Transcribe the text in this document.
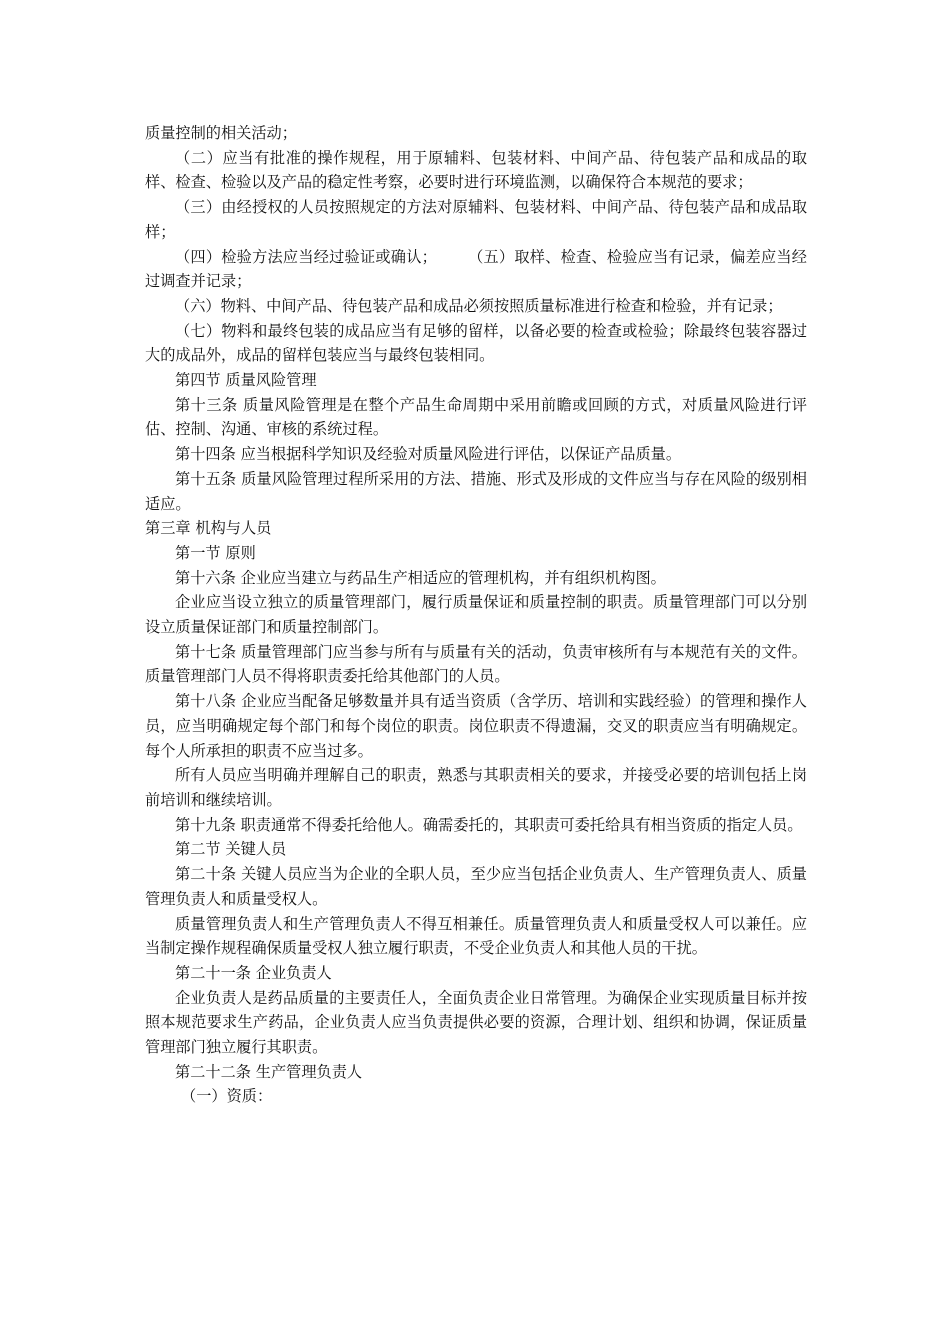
质量控制的相关活动；

（二）应当有批准的操作规程，用于原辅料、包装材料、中间产品、待包装产品和成品的取样、检查、检验以及产品的稳定性考察，必要时进行环境监测，以确保符合本规范的要求；

（三）由经授权的人员按照规定的方法对原辅料、包装材料、中间产品、待包装产品和成品取样；

（四）检验方法应当经过验证或确认；　　　（五）取样、检查、检验应当有记录，偏差应当经过调查并记录；

（六）物料、中间产品、待包装产品和成品必须按照质量标准进行检查和检验，并有记录；

（七）物料和最终包装的成品应当有足够的留样，以备必要的检查或检验；除最终包装容器过大的成品外，成品的留样包装应当与最终包装相同。

第四节 质量风险管理

第十三条 质量风险管理是在整个产品生命周期中采用前瞻或回顾的方式，对质量风险进行评估、控制、沟通、审核的系统过程。

第十四条 应当根据科学知识及经验对质量风险进行评估，以保证产品质量。

第十五条 质量风险管理过程所采用的方法、措施、形式及形成的文件应当与存在风险的级别相适应。

第三章 机构与人员

第一节 原则

第十六条 企业应当建立与药品生产相适应的管理机构，并有组织机构图。

企业应当设立独立的质量管理部门，履行质量保证和质量控制的职责。质量管理部门可以分别设立质量保证部门和质量控制部门。

第十七条 质量管理部门应当参与所有与质量有关的活动，负责审核所有与本规范有关的文件。质量管理部门人员不得将职责委托给其他部门的人员。

第十八条 企业应当配备足够数量并具有适当资质（含学历、培训和实践经验）的管理和操作人员，应当明确规定每个部门和每个岗位的职责。岗位职责不得遗漏，交叉的职责应当有明确规定。每个人所承担的职责不应当过多。

所有人员应当明确并理解自己的职责，熟悉与其职责相关的要求，并接受必要的培训包括上岗前培训和继续培训。

第十九条 职责通常不得委托给他人。确需委托的，其职责可委托给具有相当资质的指定人员。

第二节 关键人员

第二十条 关键人员应当为企业的全职人员，至少应当包括企业负责人、生产管理负责人、质量管理负责人和质量受权人。

质量管理负责人和生产管理负责人不得互相兼任。质量管理负责人和质量受权人可以兼任。应当制定操作规程确保质量受权人独立履行职责，不受企业负责人和其他人员的干扰。

第二十一条 企业负责人

企业负责人是药品质量的主要责任人，全面负责企业日常管理。为确保企业实现质量目标并按照本规范要求生产药品，企业负责人应当负责提供必要的资源，合理计划、组织和协调，保证质量管理部门独立履行其职责。

第二十二条 生产管理负责人

（一）资质：
